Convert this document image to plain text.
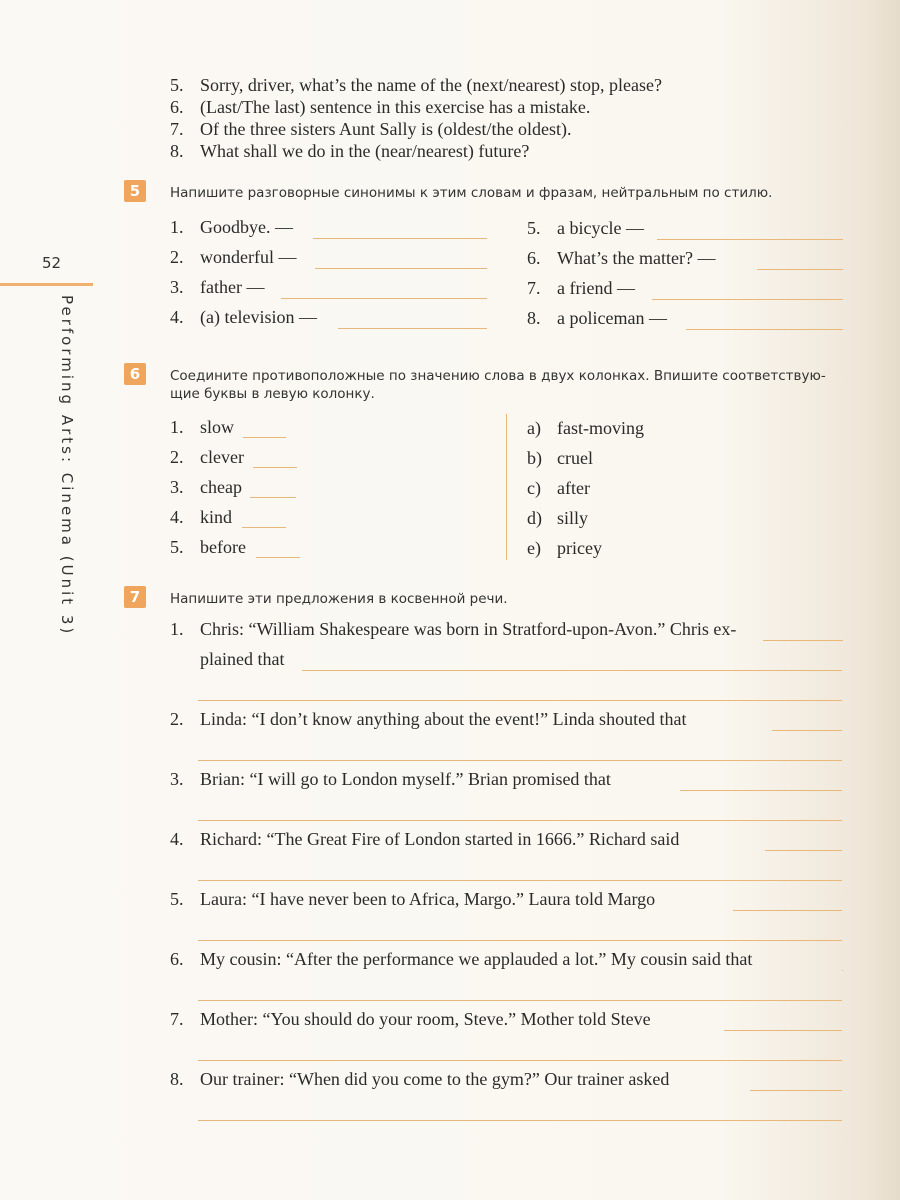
52
Performing Arts: Cinema (Unit 3)
5. Sorry, driver, what’s the name of the (next/nearest) stop, please?
6. (Last/The last) sentence in this exercise has a mistake.
7. Of the three sisters Aunt Sally is (oldest/the oldest).
8. What shall we do in the (near/nearest) future?
5	Напишите разговорные синонимы к этим словам и фразам, нейтральным по стилю.
1. Goodbye. —
2. wonderful —
3. father —
4. (a) television —
5. a bicycle —
6. What’s the matter? —
7. a friend —
8. a policeman —
6	Соедините противоположные по значению слова в двух колонках. Впишите соответствую-
щие буквы в левую колонку.
1. slow
2. clever
3. cheap
4. kind
5. before
a) fast-moving
b) cruel
c) after
d) silly
e) pricey
7	Напишите эти предложения в косвенной речи.
1. Chris: “William Shakespeare was born in Stratford-upon-Avon.” Chris ex-
plained that
2. Linda: “I don’t know anything about the event!” Linda shouted that
3. Brian: “I will go to London myself.” Brian promised that
4. Richard: “The Great Fire of London started in 1666.” Richard said
5. Laura: “I have never been to Africa, Margo.” Laura told Margo
6. My cousin: “After the performance we applauded a lot.” My cousin said that
7. Mother: “You should do your room, Steve.” Mother told Steve
8. Our trainer: “When did you come to the gym?” Our trainer asked
